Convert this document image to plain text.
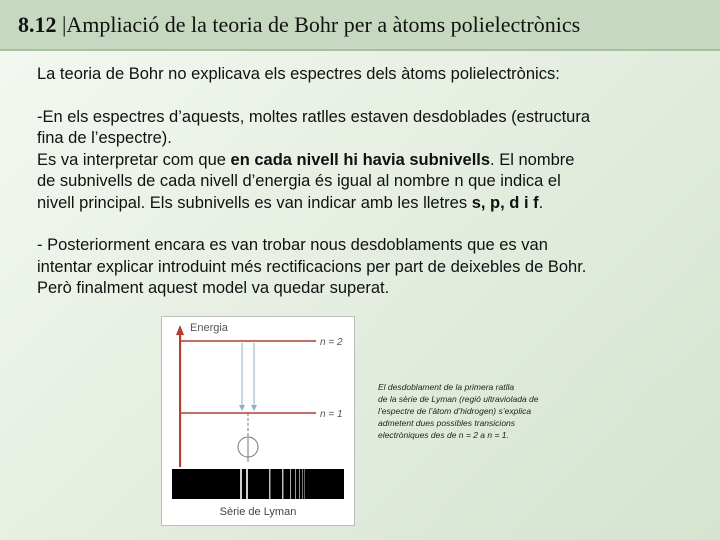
8.12 |Ampliació de la teoria de Bohr per a àtoms polielectrònics

La teoria de Bohr no explicava els espectres dels àtoms polielectrònics:

-En els espectres d’aquests, moltes ratlles estaven desdoblades (estructura
fina de l’espectre).
Es va interpretar com que en cada nivell hi havia subnivells. El nombre
de subnivells de cada nivell d’energia és igual al nombre n que indica el
nivell principal. Els subnivells es van indicar amb les lletres s, p, d i f.

- Posteriorment encara es van trobar nous desdoblaments que es van
intentar explicar introduint més rectificacions per part de deixebles de Bohr.
Però finalment aquest model va quedar superat.

Energia
n = 2
n = 1
Sèrie de Lyman
El desdoblament de la primera ratlla
de la sèrie de Lyman (regió ultraviolada de
l’espectre de l’àtom d’hidrogen) s’explica
admetent dues possibles transicions
electròniques des de n = 2 a n = 1.
